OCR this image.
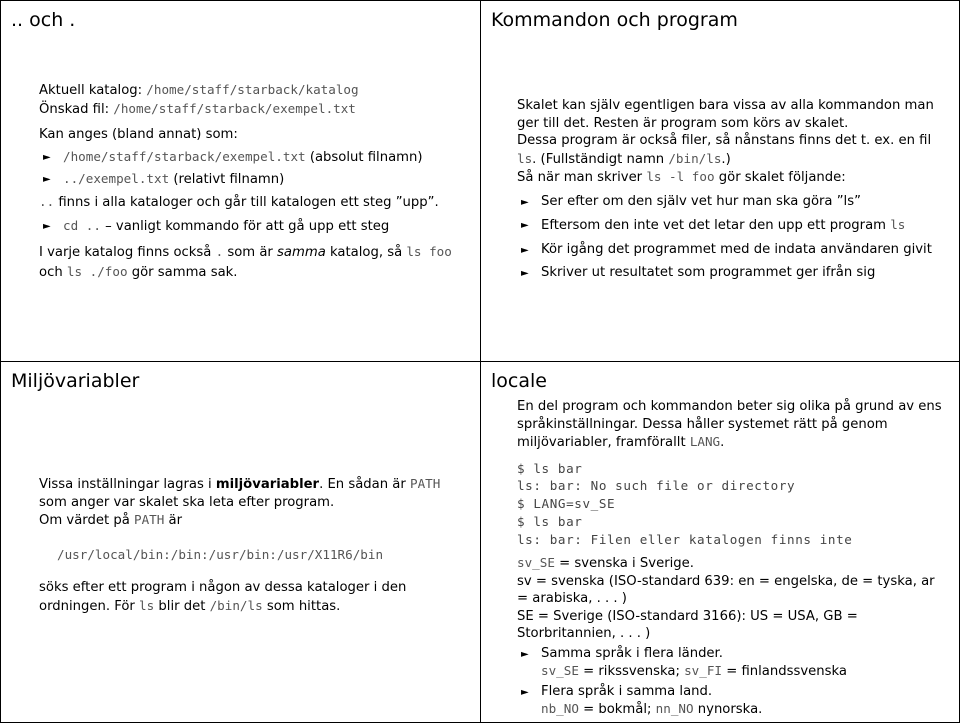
.. och .
Aktuell katalog: /home/staff/starback/katalog
Önskad fil: /home/staff/starback/exempel.txt
Kan anges (bland annat) som:
► /home/staff/starback/exempel.txt (absolut filnamn)
► ../exempel.txt (relativt filnamn)
.. finns i alla kataloger och går till katalogen ett steg ”upp”.
► cd .. – vanligt kommando för att gå upp ett steg
I varje katalog finns också . som är samma katalog, så ls foo och ls ./foo gör samma sak.
Kommandon och program
Skalet kan själv egentligen bara vissa av alla kommandon man ger till det. Resten är program som körs av skalet.
Dessa program är också filer, så nånstans finns det t. ex. en fil ls. (Fullständigt namn /bin/ls.)
Så när man skriver ls -l foo gör skalet följande:
► Ser efter om den själv vet hur man ska göra ”ls”
► Eftersom den inte vet det letar den upp ett program ls
► Kör igång det programmet med de indata användaren givit
► Skriver ut resultatet som programmet ger ifrån sig
Miljövariabler
Vissa inställningar lagras i miljövariabler. En sådan är PATH som anger var skalet ska leta efter program.
Om värdet på PATH är
/usr/local/bin:/bin:/usr/bin:/usr/X11R6/bin
söks efter ett program i någon av dessa kataloger i den ordningen. För ls blir det /bin/ls som hittas.
locale
En del program och kommandon beter sig olika på grund av ens språkinställningar. Dessa håller systemet rätt på genom miljövariabler, framförallt LANG.
$ ls bar
ls: bar: No such file or directory
$ LANG=sv_SE
$ ls bar
ls: bar: Filen eller katalogen finns inte
sv_SE = svenska i Sverige.
sv = svenska (ISO-standard 639: en = engelska, de = tyska, ar = arabiska, . . . )
SE = Sverige (ISO-standard 3166): US = USA, GB = Storbritannien, . . . )
► Samma språk i flera länder.
sv_SE = rikssvenska; sv_FI = finlandssvenska
► Flera språk i samma land.
nb_NO = bokmål; nn_NO nynorska.
